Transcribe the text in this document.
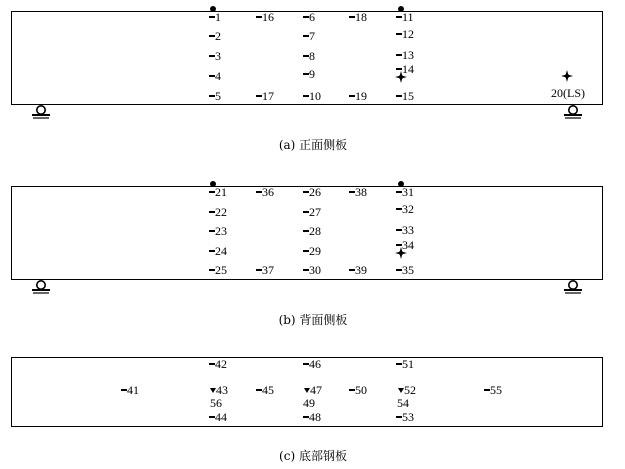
(a) 正面侧板
1
2
3
4
5
16
17
6
7
8
9
10
18
19
11
12
13
14
15	20(LS)
(b) 背面侧板
21
22
23
24
25
36
37
26
27
28
29
30
38
39
31
32
33
34
35
(c) 底部钢板
42
44
46
48
51
53
41	45	50	55
43
56
47
49
52
54
